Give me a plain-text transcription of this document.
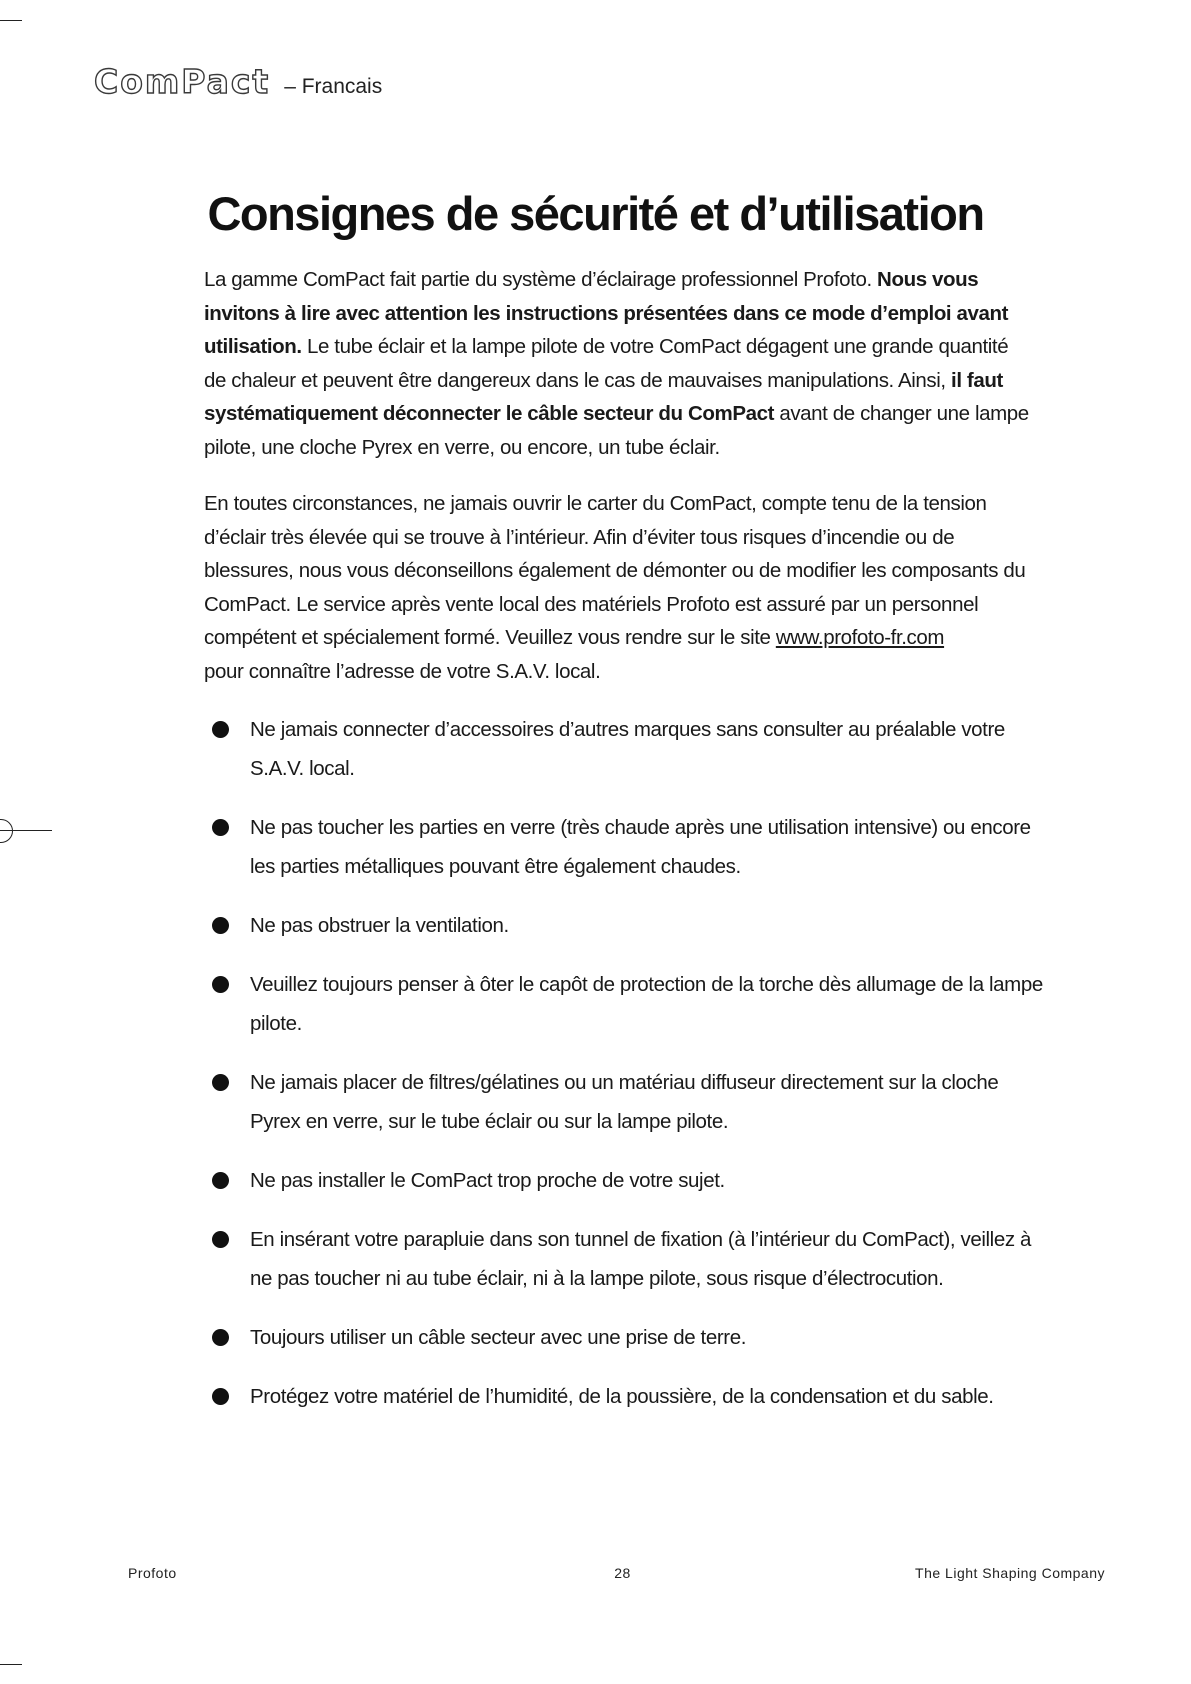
ComPact
–	Francais
Consignes de sécurité et d’utilisation

La gamme ComPact fait partie du système d’éclairage professionnel Profoto. Nous vous invitons à lire avec attention les instructions présentées dans ce mode d’emploi avant utilisation. Le tube éclair et la lampe pilote de votre ComPact dégagent une grande quantité de chaleur et peuvent être dangereux dans le cas de mauvaises manipulations. Ainsi, il faut systématiquement déconnecter le câble secteur du ComPact avant de changer une lampe pilote, une cloche Pyrex en verre, ou encore, un tube éclair.

En toutes circonstances, ne jamais ouvrir le carter du ComPact, compte tenu de la tension d’éclair très élevée qui se trouve à l’intérieur. Afin d’éviter tous risques d’incendie ou de blessures, nous vous déconseillons également de démonter ou de modifier les composants du ComPact. Le service après vente local des matériels Profoto est assuré par un personnel compétent et spécialement formé. Veuillez vous rendre sur le site www.profoto-fr.com
pour connaître l’adresse de votre S.A.V. local.

Ne jamais connecter d’accessoires d’autres marques sans consulter au préalable votre S.A.V. local.
Ne pas toucher les parties en verre (très chaude après une utilisation intensive) ou encore les parties métalliques pouvant être également chaudes.
Ne pas obstruer la ventilation.
Veuillez toujours penser à ôter le capôt de protection de la torche dès allumage de la lampe pilote.
Ne jamais placer de filtres/gélatines ou un matériau diffuseur directement sur la cloche Pyrex en verre, sur le tube éclair ou sur la lampe pilote.
Ne pas installer le ComPact trop proche de votre sujet.
En insérant votre parapluie dans son tunnel de fixation (à l’intérieur du ComPact), veillez à ne pas toucher ni au tube éclair, ni à la lampe pilote, sous risque d’électrocution.
Toujours utiliser un câble secteur avec une prise de terre.
Protégez votre matériel de l’humidité, de la poussière, de la condensation et du sable.
Profoto	28	The Light Shaping Company
